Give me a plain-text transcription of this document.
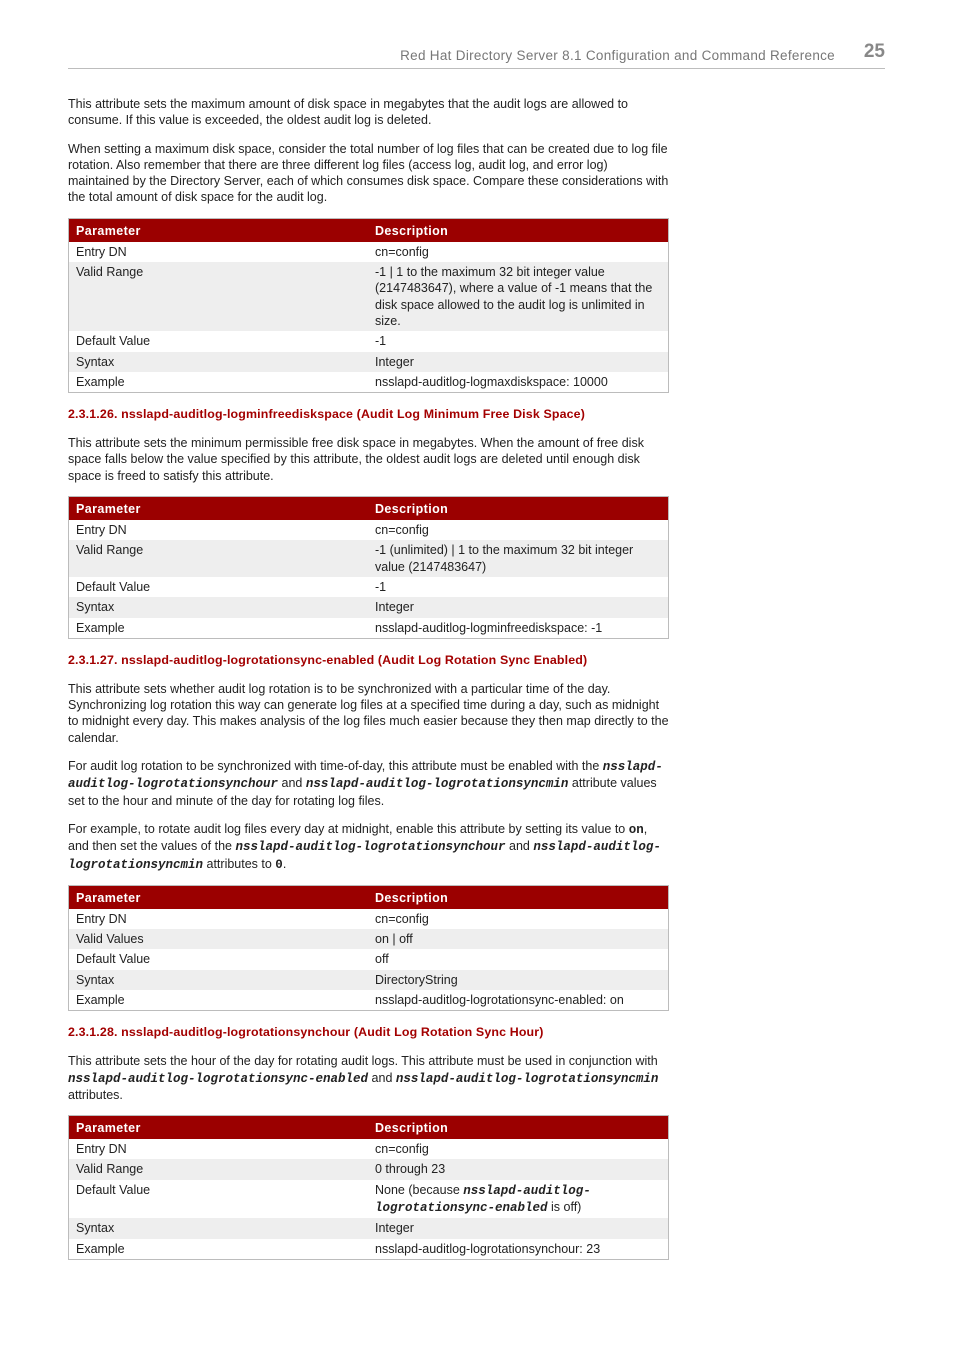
Red Hat Directory Server 8.1 Configuration and Command Reference 25

This attribute sets the maximum amount of disk space in megabytes that the audit logs are allowed to consume. If this value is exceeded, the oldest audit log is deleted.

When setting a maximum disk space, consider the total number of log files that can be created due to log file rotation. Also remember that there are three different log files (access log, audit log, and error log) maintained by the Directory Server, each of which consumes disk space. Compare these considerations with the total amount of disk space for the audit log.

Parameter	Description
Entry DN	cn=config
Valid Range	-1 | 1 to the maximum 32 bit integer value (2147483647), where a value of -1 means that the disk space allowed to the audit log is unlimited in size.
Default Value	-1
Syntax	Integer
Example	nsslapd-auditlog-logmaxdiskspace: 10000
2.3.1.26. nsslapd-auditlog-logminfreediskspace (Audit Log Minimum Free Disk Space)

This attribute sets the minimum permissible free disk space in megabytes. When the amount of free disk space falls below the value specified by this attribute, the oldest audit logs are deleted until enough disk space is freed to satisfy this attribute.

Parameter	Description
Entry DN	cn=config
Valid Range	-1 (unlimited) | 1 to the maximum 32 bit integer value (2147483647)
Default Value	-1
Syntax	Integer
Example	nsslapd-auditlog-logminfreediskspace: -1
2.3.1.27. nsslapd-auditlog-logrotationsync-enabled (Audit Log Rotation Sync Enabled)

This attribute sets whether audit log rotation is to be synchronized with a particular time of the day. Synchronizing log rotation this way can generate log files at a specified time during a day, such as midnight to midnight every day. This makes analysis of the log files much easier because they then map directly to the calendar.

For audit log rotation to be synchronized with time-of-day, this attribute must be enabled with the nsslapd-auditlog-logrotationsynchour and nsslapd-auditlog-logrotationsyncmin attribute values set to the hour and minute of the day for rotating log files.

For example, to rotate audit log files every day at midnight, enable this attribute by setting its value to on, and then set the values of the nsslapd-auditlog-logrotationsynchour and nsslapd-auditlog-logrotationsyncmin attributes to 0.

Parameter	Description
Entry DN	cn=config
Valid Values	on | off
Default Value	off
Syntax	DirectoryString
Example	nsslapd-auditlog-logrotationsync-enabled: on
2.3.1.28. nsslapd-auditlog-logrotationsynchour (Audit Log Rotation Sync Hour)

This attribute sets the hour of the day for rotating audit logs. This attribute must be used in conjunction with nsslapd-auditlog-logrotationsync-enabled and nsslapd-auditlog-logrotationsyncmin attributes.

Parameter	Description
Entry DN	cn=config
Valid Range	0 through 23
Default Value	None (because nsslapd-auditlog-logrotationsync-enabled is off)
Syntax	Integer
Example	nsslapd-auditlog-logrotationsynchour: 23
